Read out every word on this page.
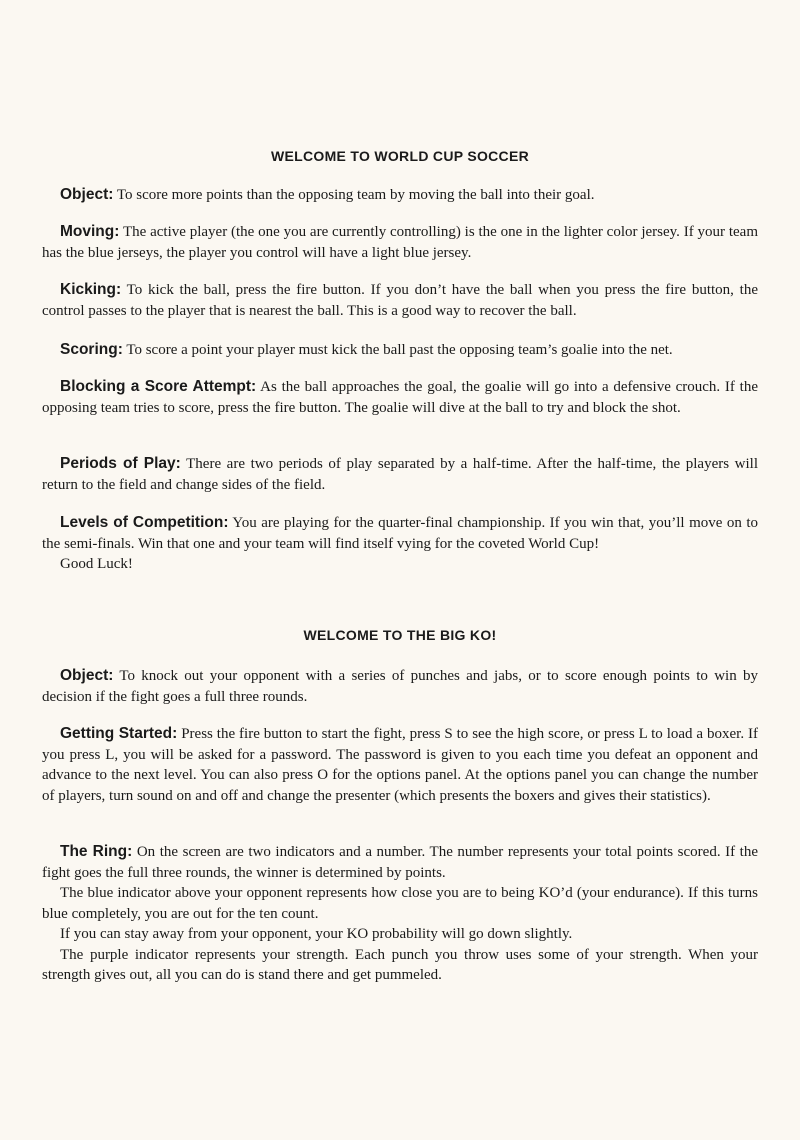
WELCOME TO WORLD CUP SOCCER

Object: To score more points than the opposing team by moving the ball into their goal.

Moving: The active player (the one you are currently controlling) is the one in the lighter color jersey. If your team has the blue jerseys, the player you control will have a light blue jersey.

Kicking: To kick the ball, press the fire button. If you don’t have the ball when you press the fire button, the control passes to the player that is nearest the ball. This is a good way to recover the ball.

Scoring: To score a point your player must kick the ball past the opposing team’s goalie into the net.

Blocking a Score Attempt: As the ball approaches the goal, the goalie will go into a defensive crouch. If the opposing team tries to score, press the fire button. The goalie will dive at the ball to try and block the shot.

Periods of Play: There are two periods of play separated by a half-time. After the half-time, the players will return to the field and change sides of the field.

Levels of Competition: You are playing for the quarter-final championship. If you win that, you’ll move on to the semi-finals. Win that one and your team will find itself vying for the coveted World Cup!
Good Luck!

WELCOME TO THE BIG KO!

Object: To knock out your opponent with a series of punches and jabs, or to score enough points to win by decision if the fight goes a full three rounds.

Getting Started: Press the fire button to start the fight, press S to see the high score, or press L to load a boxer. If you press L, you will be asked for a password. The password is given to you each time you defeat an opponent and advance to the next level. You can also press O for the options panel. At the options panel you can change the number of players, turn sound on and off and change the presenter (which presents the boxers and gives their statistics).

The Ring: On the screen are two indicators and a number. The number represents your total points scored. If the fight goes the full three rounds, the winner is determined by points.
The blue indicator above your opponent represents how close you are to being KO’d (your endurance). If this turns blue completely, you are out for the ten count.
If you can stay away from your opponent, your KO probability will go down slightly.
The purple indicator represents your strength. Each punch you throw uses some of your strength. When your strength gives out, all you can do is stand there and get pummeled.
